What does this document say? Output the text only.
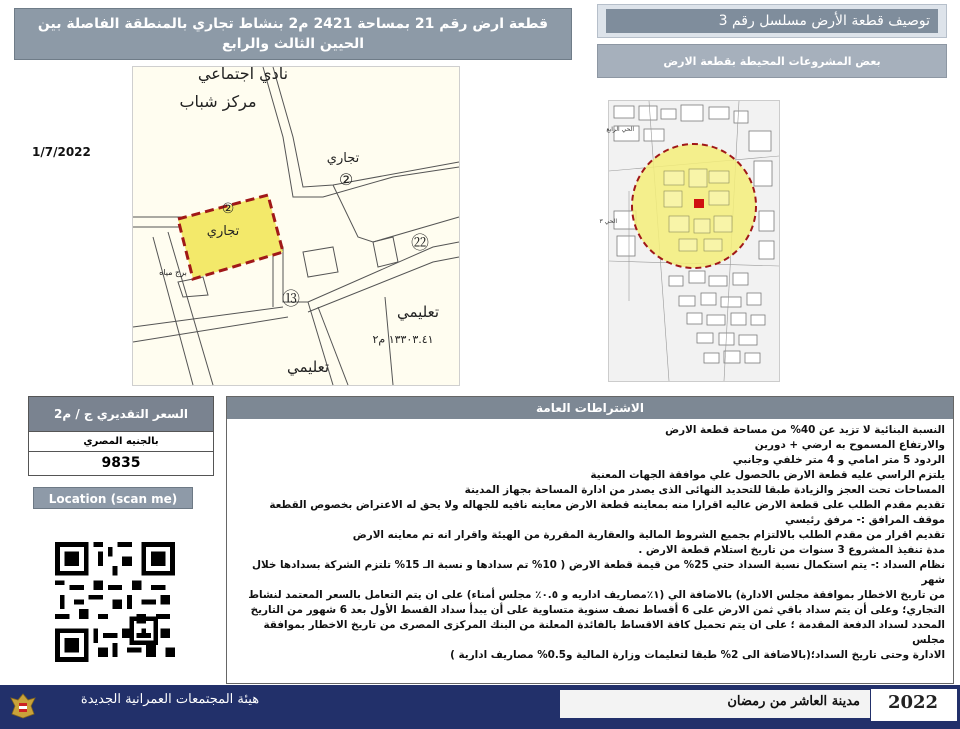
قطعة ارض رقم 21 بمساحة 2421 م2 بنشاط تجاري بالمنطقة الفاصلة بين الحيين الثالث والرابع
توصيف قطعة الأرض مسلسل رقم 3
بعض المشروعات المحيطة بقطعة الارض
1/7/2022
نادي اجتماعي
مركز شباب
تجاري
②
②
تجاري
برج مياه
㉒
⑬
تعليمي
١٣٣٠٣.٤١ م٢
تعليمي
الحي الرابع
الحي ٣
السعر التقديري ج / م2
بالجنيه المصري
9835
Location (scan me)
الاشتراطات العامة

النسبة البنائية لا تزيد عن 40% من مساحة قطعة الارض

والارتفاع المسموح به ارضي + دورين

الردود 5 متر امامي و 4 متر خلفي وجانبي

يلتزم الراسي عليه قطعة الارض بالحصول علي موافقة الجهات المعنية

المساحات تحت العجز والزيادة طبقا للتحديد النهائى الذى يصدر من ادارة المساحة بجهاز المدينة

تقديم مقدم الطلب على قطعة الارض عاليه اقرارا منه بمعاينه قطعة الارض معاينه نافيه للجهاله ولا يحق له الاعتراض بخصوص القطعة

موقف المرافق :- مرفق رئيسي

تقديم اقرار من مقدم الطلب بالالتزام بجميع الشروط المالية والعقارية المقررة من الهيئة واقرار انه تم معاينه الارض

مدة تنفيذ المشروع 3 سنوات من تاريخ استلام قطعة الارض .

نظام السداد :- يتم استكمال نسبة السداد حتي 25% من قيمة قطعة الارض ( 10% تم سدادها و نسبة الـ 15% تلتزم الشركة بسدادها خلال شهر

من تاريخ الاخطار بموافقة مجلس الادارة) بالاضافة الي (١٪مصاريف اداريه و ٠.٥٪ مجلس أمناء) على ان يتم التعامل بالسعر المعتمد لنشاط

التجاري؛ وعلى أن يتم سداد باقي ثمن الارض على 6 أقساط نصف سنوية متساوية على أن يبدأ سداد القسط الأول بعد 6 شهور من التاريخ

المحدد لسداد الدفعة المقدمة ؛ على ان يتم تحميل كافة الاقساط بالفائدة المعلنة من البنك المركزى المصرى من تاريخ الاخطار بموافقة مجلس

الادارة وحتى تاريخ السداد؛(بالاضافة الى 2% طبقا لتعليمات وزارة المالية و0.5% مصاريف ادارية )

هيئة المجتمعات العمرانية الجديدة	مدينة العاشر من رمضان	2022
